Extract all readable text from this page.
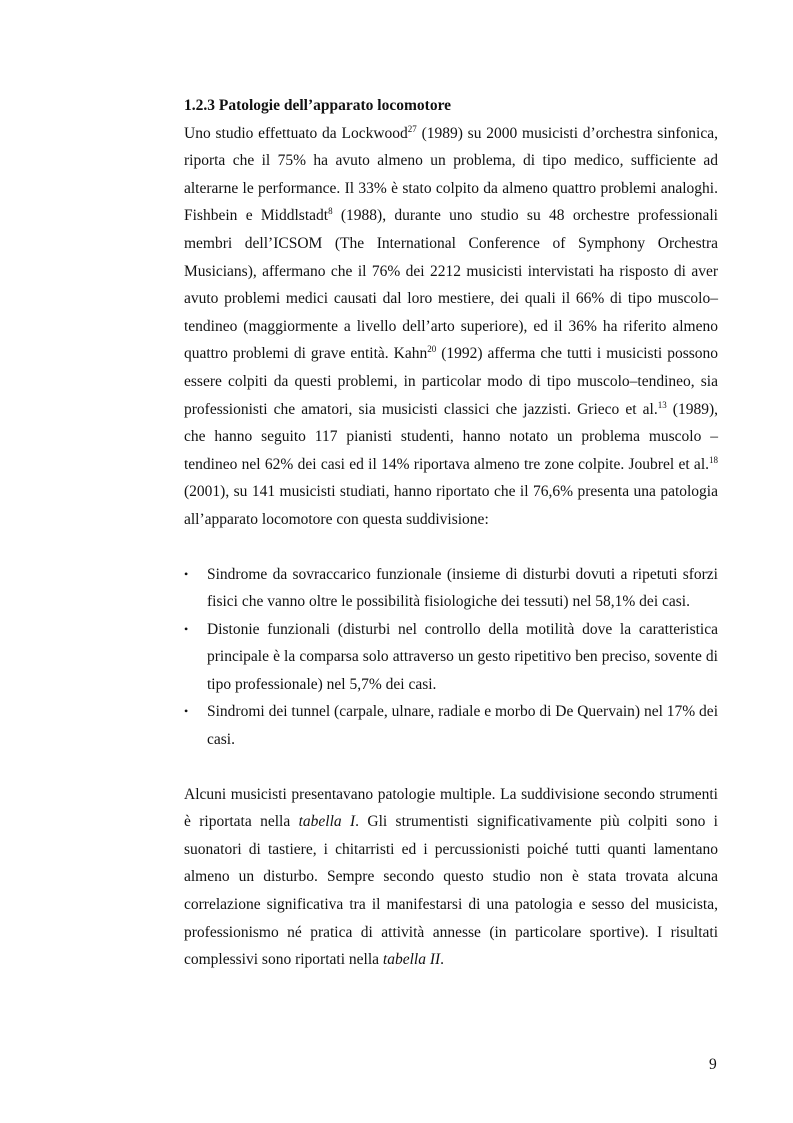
1.2.3 Patologie dell’apparato locomotore

Uno studio effettuato da Lockwood$^{27}$ (1989) su 2000 musicisti d’orchestra sinfonica, riporta che il 75% ha avuto almeno un problema, di tipo medico, sufficiente ad alterarne le performance. Il 33% è stato colpito da almeno quattro problemi analoghi. Fishbein e Middlstadt$^8$ (1988), durante uno studio su 48 orchestre professionali membri dell’ICSOM (The International Conference of Symphony Orchestra Musicians), affermano che il 76% dei 2212 musicisti intervistati ha risposto di aver avuto problemi medici causati dal loro mestiere, dei quali il 66% di tipo muscolo–tendineo (maggiormente a livello dell’arto superiore), ed il 36% ha riferito almeno quattro problemi di grave entità. Kahn$^{20}$ (1992) afferma che tutti i musicisti possono essere colpiti da questi problemi, in particolar modo di tipo muscolo–tendineo, sia professionisti che amatori, sia musicisti classici che jazzisti. Grieco et al.$^{13}$ (1989), che hanno seguito 117 pianisti studenti, hanno notato un problema muscolo – tendineo nel 62% dei casi ed il 14% riportava almeno tre zone colpite. Joubrel et al.$^{18}$ (2001), su 141 musicisti studiati, hanno riportato che il 76,6% presenta una patologia all’apparato locomotore con questa suddivisione:

• Sindrome da sovraccarico funzionale (insieme di disturbi dovuti a ripetuti sforzi fisici che vanno oltre le possibilità fisiologiche dei tessuti) nel 58,1% dei casi.
• Distonie funzionali (disturbi nel controllo della motilità dove la caratteristica principale è la comparsa solo attraverso un gesto ripetitivo ben preciso, sovente di tipo professionale) nel 5,7% dei casi.
• Sindromi dei tunnel (carpale, ulnare, radiale e morbo di De Quervain) nel 17% dei casi.

Alcuni musicisti presentavano patologie multiple. La suddivisione secondo strumenti è riportata nella tabella I. Gli strumentisti significativamente più colpiti sono i suonatori di tastiere, i chitarristi ed i percussionisti poiché tutti quanti lamentano almeno un disturbo. Sempre secondo questo studio non è stata trovata alcuna correlazione significativa tra il manifestarsi di una patologia e sesso del musicista, professionismo né pratica di attività annesse (in particolare sportive). I risultati complessivi sono riportati nella tabella II.

9
